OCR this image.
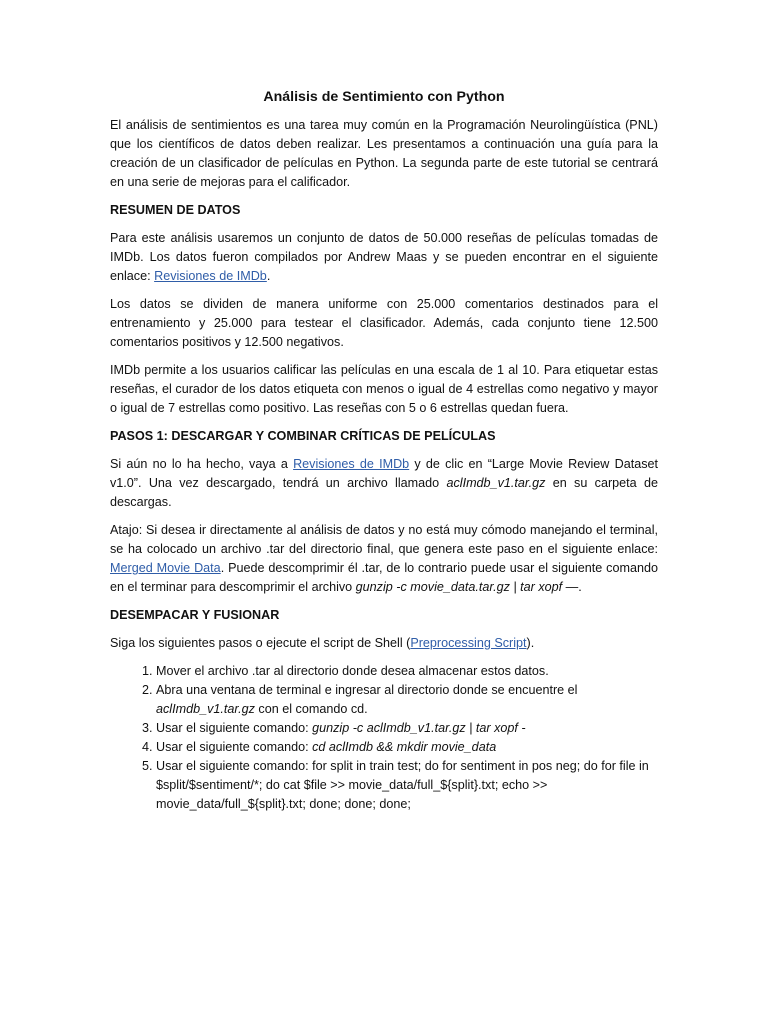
Análisis de Sentimiento con Python

El análisis de sentimientos es una tarea muy común en la Programación Neurolingüística (PNL) que los científicos de datos deben realizar. Les presentamos a continuación una guía para la creación de un clasificador de películas en Python. La segunda parte de este tutorial se centrará en una serie de mejoras para el calificador.

RESUMEN DE DATOS

Para este análisis usaremos un conjunto de datos de 50.000 reseñas de películas tomadas de IMDb. Los datos fueron compilados por Andrew Maas y se pueden encontrar en el siguiente enlace: Revisiones de IMDb.

Los datos se dividen de manera uniforme con 25.000 comentarios destinados para el entrenamiento y 25.000 para testear el clasificador. Además, cada conjunto tiene 12.500 comentarios positivos y 12.500 negativos.

IMDb permite a los usuarios calificar las películas en una escala de 1 al 10. Para etiquetar estas reseñas, el curador de los datos etiqueta con menos o igual de 4 estrellas como negativo y mayor o igual de 7 estrellas como positivo. Las reseñas con 5 o 6 estrellas quedan fuera.

PASOS 1: DESCARGAR Y COMBINAR CRÍTICAS DE PELÍCULAS

Si aún no lo ha hecho, vaya a Revisiones de IMDb y de clic en “Large Movie Review Dataset v1.0”. Una vez descargado, tendrá un archivo llamado aclImdb_v1.tar.gz en su carpeta de descargas.

Atajo: Si desea ir directamente al análisis de datos y no está muy cómodo manejando el terminal, se ha colocado un archivo .tar del directorio final, que genera este paso en el siguiente enlace: Merged Movie Data. Puede descomprimir él .tar, de lo contrario puede usar el siguiente comando en el terminar para descomprimir el archivo gunzip -c movie_data.tar.gz | tar xopf —.

DESEMPACAR Y FUSIONAR

Siga los siguientes pasos o ejecute el script de Shell (Preprocessing Script).

1. Mover el archivo .tar al directorio donde desea almacenar estos datos.
2. Abra una ventana de terminal e ingresar al directorio donde se encuentre el aclImdb_v1.tar.gz con el comando cd.
3. Usar el siguiente comando: gunzip -c aclImdb_v1.tar.gz | tar xopf -
4. Usar el siguiente comando: cd aclImdb && mkdir movie_data
5. Usar el siguiente comando: for split in train test; do for sentiment in pos neg; do for file in $split/$sentiment/*; do cat $file >> movie_data/full_${split}.txt; echo >> movie_data/full_${split}.txt; done; done; done;
